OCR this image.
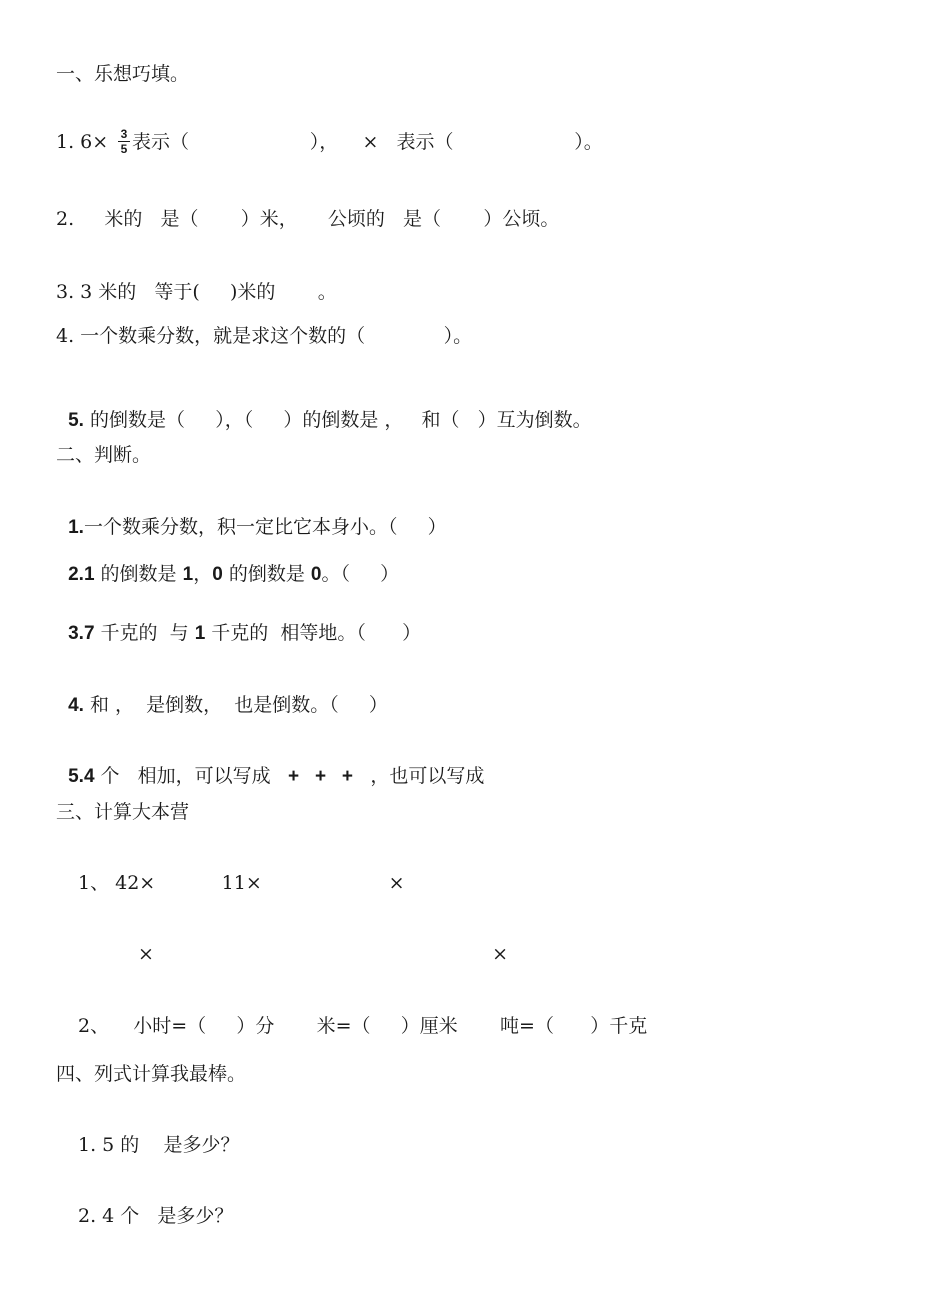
一、乐想巧填。
1. 6× 3
5 表示（                    ），    ×   表示（                    ）。
2.     米的   是（       ）米，     公顷的   是（       ）公顷。
3. 3 米的   等于(     )米的       。
4. 一个数乘分数，就是求这个数的（             ）。

5. 的倒数是（     ），（     ）的倒数是 ，   和（   ）互为倒数。

二、判断。

1.一个数乘分数，积一定比它本身小。（     ）

2.1 的倒数是 1，0 的倒数是 0。（     ）

3.7 千克的  与 1 千克的  相等地。（      ）

4. 和 ，  是倒数，  也是倒数。（     ）

5.4 个   相加，可以写成   +   +   +   ，也可以写成

三、计算大本营
1、 42×           11×                     ×
×                                                        ×
2、    小时=（     ）分       米=（     ）厘米       吨=（      ）千克
四、列式计算我最棒。
1. 5 的    是多少？
2. 4 个   是多少？
